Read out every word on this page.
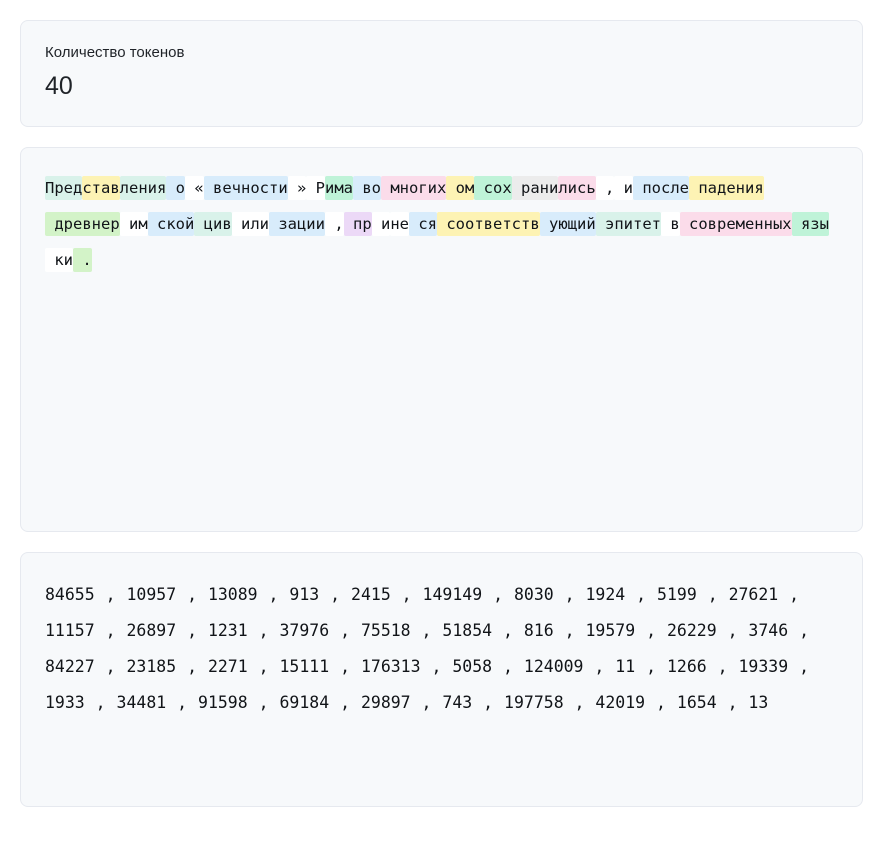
Количество токенов
40
Представления о « вечности » Рима во многих ом сох ранились , и после падения древнер им ской цив или зации , пр ине ся соответств ующий эпитет в современных язы ки .
84655 , 10957 , 13089 , 913 , 2415 , 149149 , 8030 , 1924 , 5199 , 27621 , 11157 , 26897 , 1231 , 37976 , 75518 , 51854 , 816 , 19579 , 26229 , 3746 , 84227 , 23185 , 2271 , 15111 , 176313 , 5058 , 124009 , 11 , 1266 , 19339 , 1933 , 34481 , 91598 , 69184 , 29897 , 743 , 197758 , 42019 , 1654 , 13
